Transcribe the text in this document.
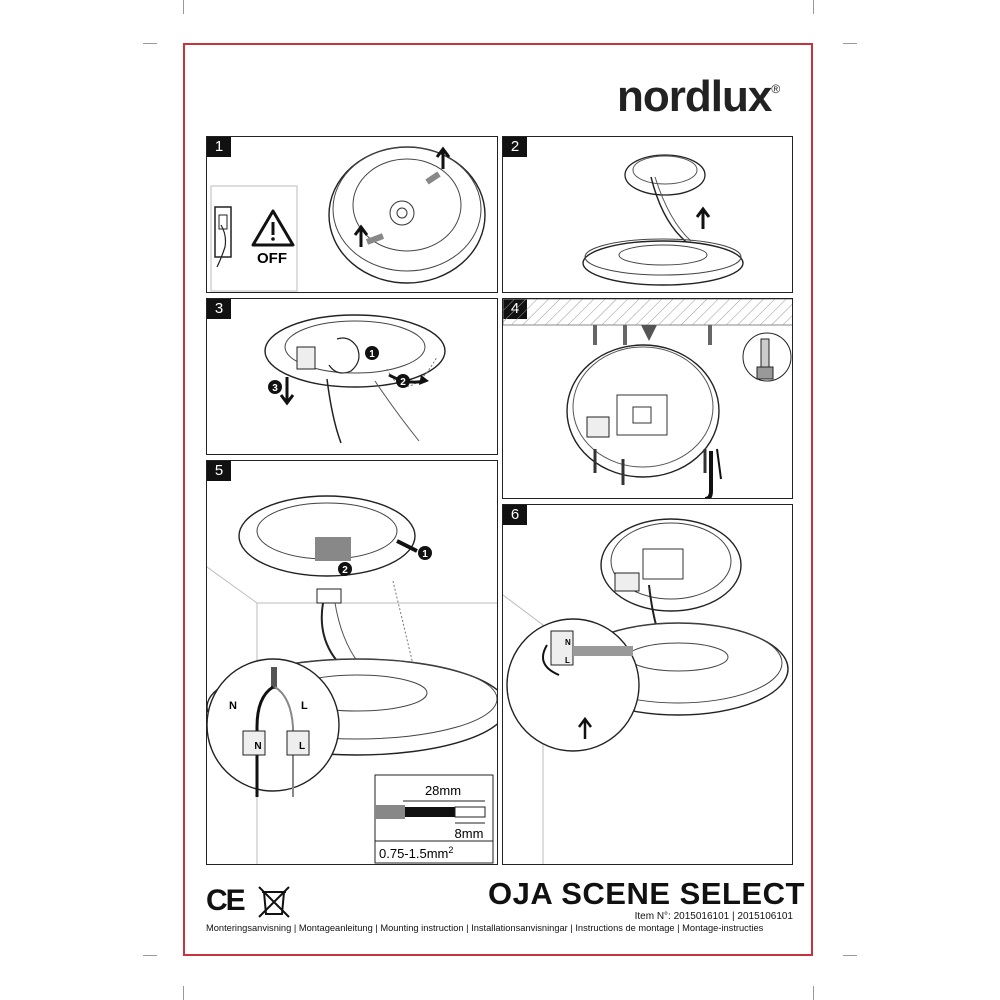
nordlux®
1
OFF
2
3
1
2
3
5
1
2
N	L
N	L
28mm
8mm
$0.75-1.5mm^2$
6
N
L
CE	OJA SCENE SELECT
Item N°: 2015016101 | 2015106101
Monteringsanvisning | Montageanleitung | Mounting instruction | Installationsanvisningar | Instructions de montage | Montage-instructies
